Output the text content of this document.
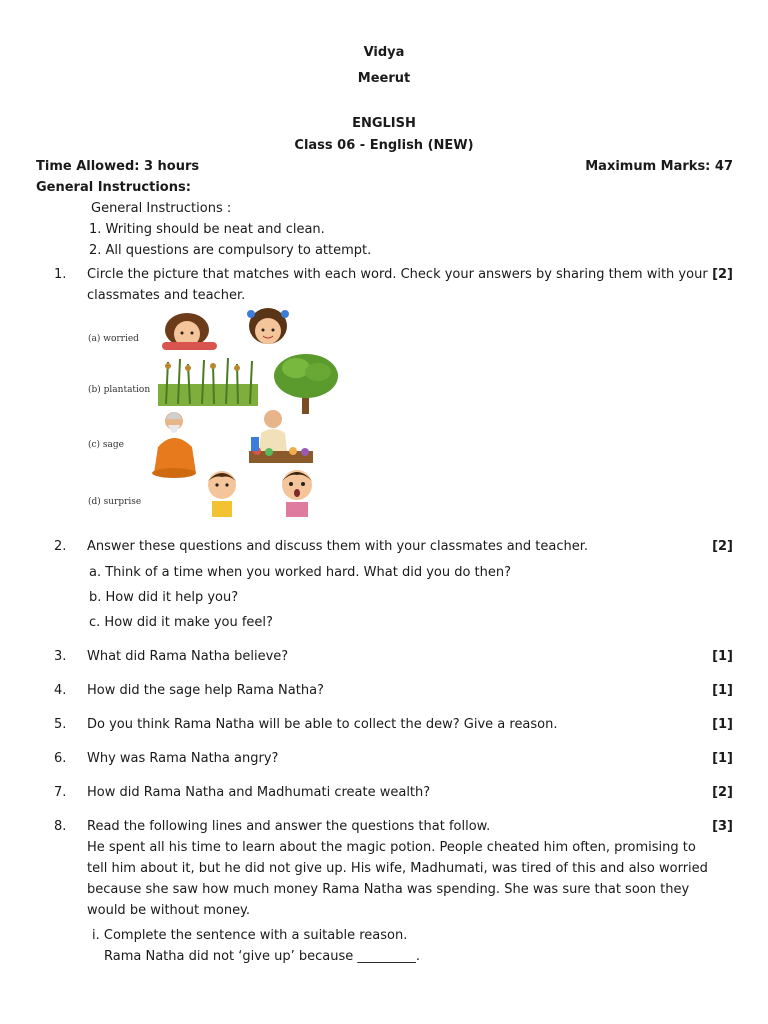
Vidya
Meerut
ENGLISH
Class 06 - English (NEW)
Time Allowed: 3 hours	Maximum Marks: 47
General Instructions:
General Instructions :
1. Writing should be neat and clean.
2. All questions are compulsory to attempt.
1. Circle the picture that matches with each word. Check your answers by sharing them with your
classmates and teacher.
[2]
(a) worried
(b) plantation
(c) sage
(d) surprise
2. Answer these questions and discuss them with your classmates and teacher.	[2]
a. Think of a time when you worked hard. What did you do then?
b. How did it help you?
c. How did it make you feel?
3. What did Rama Natha believe?	[1]
4. How did the sage help Rama Natha?	[1]
5. Do you think Rama Natha will be able to collect the dew? Give a reason.	[1]
6. Why was Rama Natha angry?	[1]
7. How did Rama Natha and Madhumati create wealth?	[2]
8. Read the following lines and answer the questions that follow.
He spent all his time to learn about the magic potion. People cheated him often, promising to
tell him about it, but he did not give up. His wife, Madhumati, was tired of this and also worried
because she saw how much money Rama Natha was spending. She was sure that soon they
would be without money.
[3]
i. Complete the sentence with a suitable reason.
Rama Natha did not ‘give up’ because _________.
